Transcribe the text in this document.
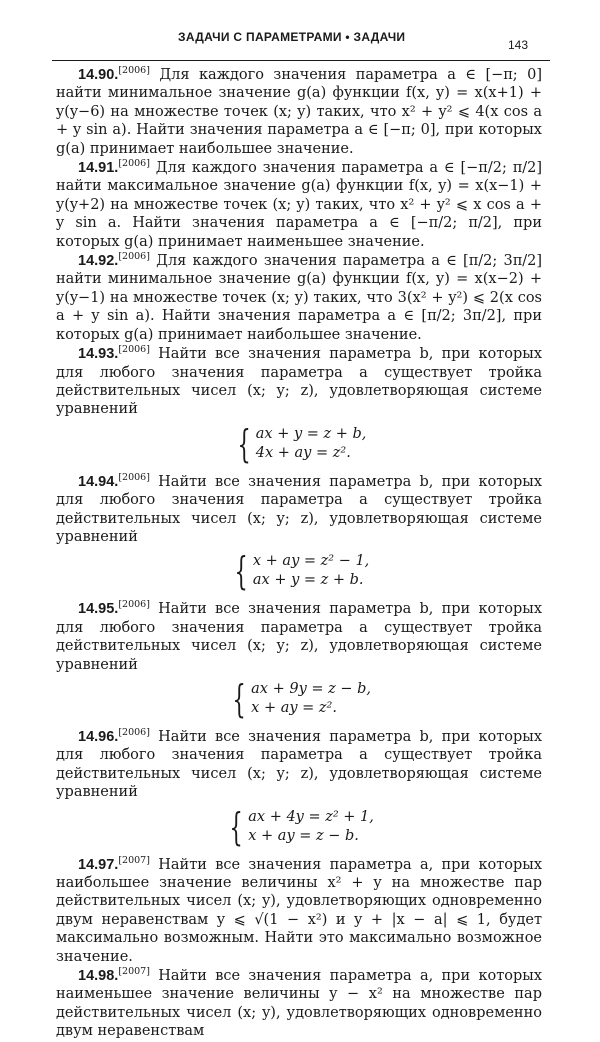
ЗАДАЧИ С ПАРАМЕТРАМИ • ЗАДАЧИ
143

14.90.[2006] Для каждого значения параметра a ∈ [−π; 0] найти минимальное значение g(a) функции f(x, y) = x(x+1) + y(y−6) на множестве точек (x; y) таких, что x² + y² ⩽ 4(x cos a + y sin a). Найти значения параметра a ∈ [−π; 0], при которых g(a) принимает наибольшее значение.

14.91.[2006] Для каждого значения параметра a ∈ [−π/2; π/2] найти максимальное значение g(a) функции f(x, y) = x(x−1) + y(y+2) на множестве точек (x; y) таких, что x² + y² ⩽ x cos a + y sin a. Найти значения параметра a ∈ [−π/2; π/2], при которых g(a) принимает наименьшее значение.

14.92.[2006] Для каждого значения параметра a ∈ [π/2; 3π/2] найти минимальное значение g(a) функции f(x, y) = x(x−2) + y(y−1) на множестве точек (x; y) таких, что 3(x² + y²) ⩽ 2(x cos a + y sin a). Найти значения параметра a ∈ [π/2; 3π/2], при которых g(a) принимает наибольшее значение.

14.93.[2006] Найти все значения параметра b, при которых для любого значения параметра a существует тройка действительных чисел (x; y; z), удовлетворяющая системе уравнений

{ ax + y = z + b,
4x + ay = z².

14.94.[2006] Найти все значения параметра b, при которых для любого значения параметра a существует тройка действительных чисел (x; y; z), удовлетворяющая системе уравнений

{ x + ay = z² − 1,
ax + y = z + b.

14.95.[2006] Найти все значения параметра b, при которых для любого значения параметра a существует тройка действительных чисел (x; y; z), удовлетворяющая системе уравнений

{ ax + 9y = z − b,
x + ay = z².

14.96.[2006] Найти все значения параметра b, при которых для любого значения параметра a существует тройка действительных чисел (x; y; z), удовлетворяющая системе уравнений

{ ax + 4y = z² + 1,
x + ay = z − b.

14.97.[2007] Найти все значения параметра a, при которых наибольшее значение величины x² + y на множестве пар действительных чисел (x; y), удовлетворяющих одновременно двум неравенствам y ⩽ √(1 − x²) и y + |x − a| ⩽ 1, будет максимально возможным. Найти это максимально возможное значение.

14.98.[2007] Найти все значения параметра a, при которых наименьшее значение величины y − x² на множестве пар действительных чисел (x; y), удовлетворяющих одновременно двум неравенствам
